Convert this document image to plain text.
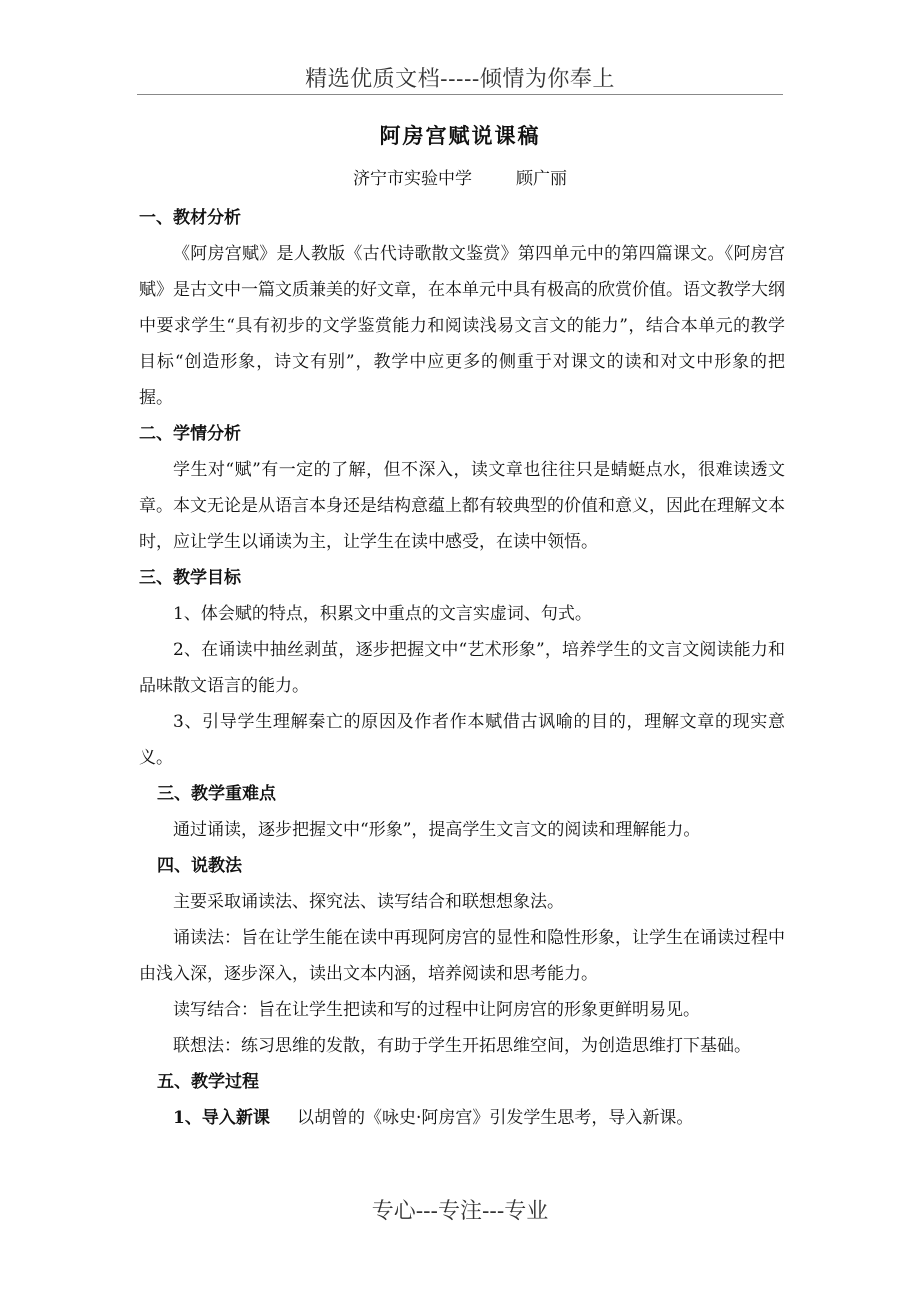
精选优质文档-----倾情为你奉上
阿房宫赋说课稿
济宁市实验中学	顾广丽

一、教材分析

《阿房宫赋》是人教版《古代诗歌散文鉴赏》第四单元中的第四篇课文。《阿房宫赋》是古文中一篇文质兼美的好文章，在本单元中具有极高的欣赏价值。语文教学大纲中要求学生“具有初步的文学鉴赏能力和阅读浅易文言文的能力”，结合本单元的教学目标“创造形象，诗文有别”，教学中应更多的侧重于对课文的读和对文中形象的把握。

二、学情分析

学生对“赋”有一定的了解，但不深入，读文章也往往只是蜻蜓点水，很难读透文章。本文无论是从语言本身还是结构意蕴上都有较典型的价值和意义，因此在理解文本时，应让学生以诵读为主，让学生在读中感受，在读中领悟。

三、教学目标

1、体会赋的特点，积累文中重点的文言实虚词、句式。

2、在诵读中抽丝剥茧，逐步把握文中“艺术形象”，培养学生的文言文阅读能力和品味散文语言的能力。

3、引导学生理解秦亡的原因及作者作本赋借古讽喻的目的，理解文章的现实意义。

三、教学重难点

通过诵读，逐步把握文中“形象”，提高学生文言文的阅读和理解能力。

四、说教法

主要采取诵读法、探究法、读写结合和联想想象法。

诵读法：旨在让学生能在读中再现阿房宫的显性和隐性形象，让学生在诵读过程中由浅入深，逐步深入，读出文本内涵，培养阅读和思考能力。

读写结合：旨在让学生把读和写的过程中让阿房宫的形象更鲜明易见。

联想法：练习思维的发散，有助于学生开拓思维空间，为创造思维打下基础。

五、教学过程

1、导入新课 以胡曾的《咏史·阿房宫》引发学生思考，导入新课。

专心---专注---专业
